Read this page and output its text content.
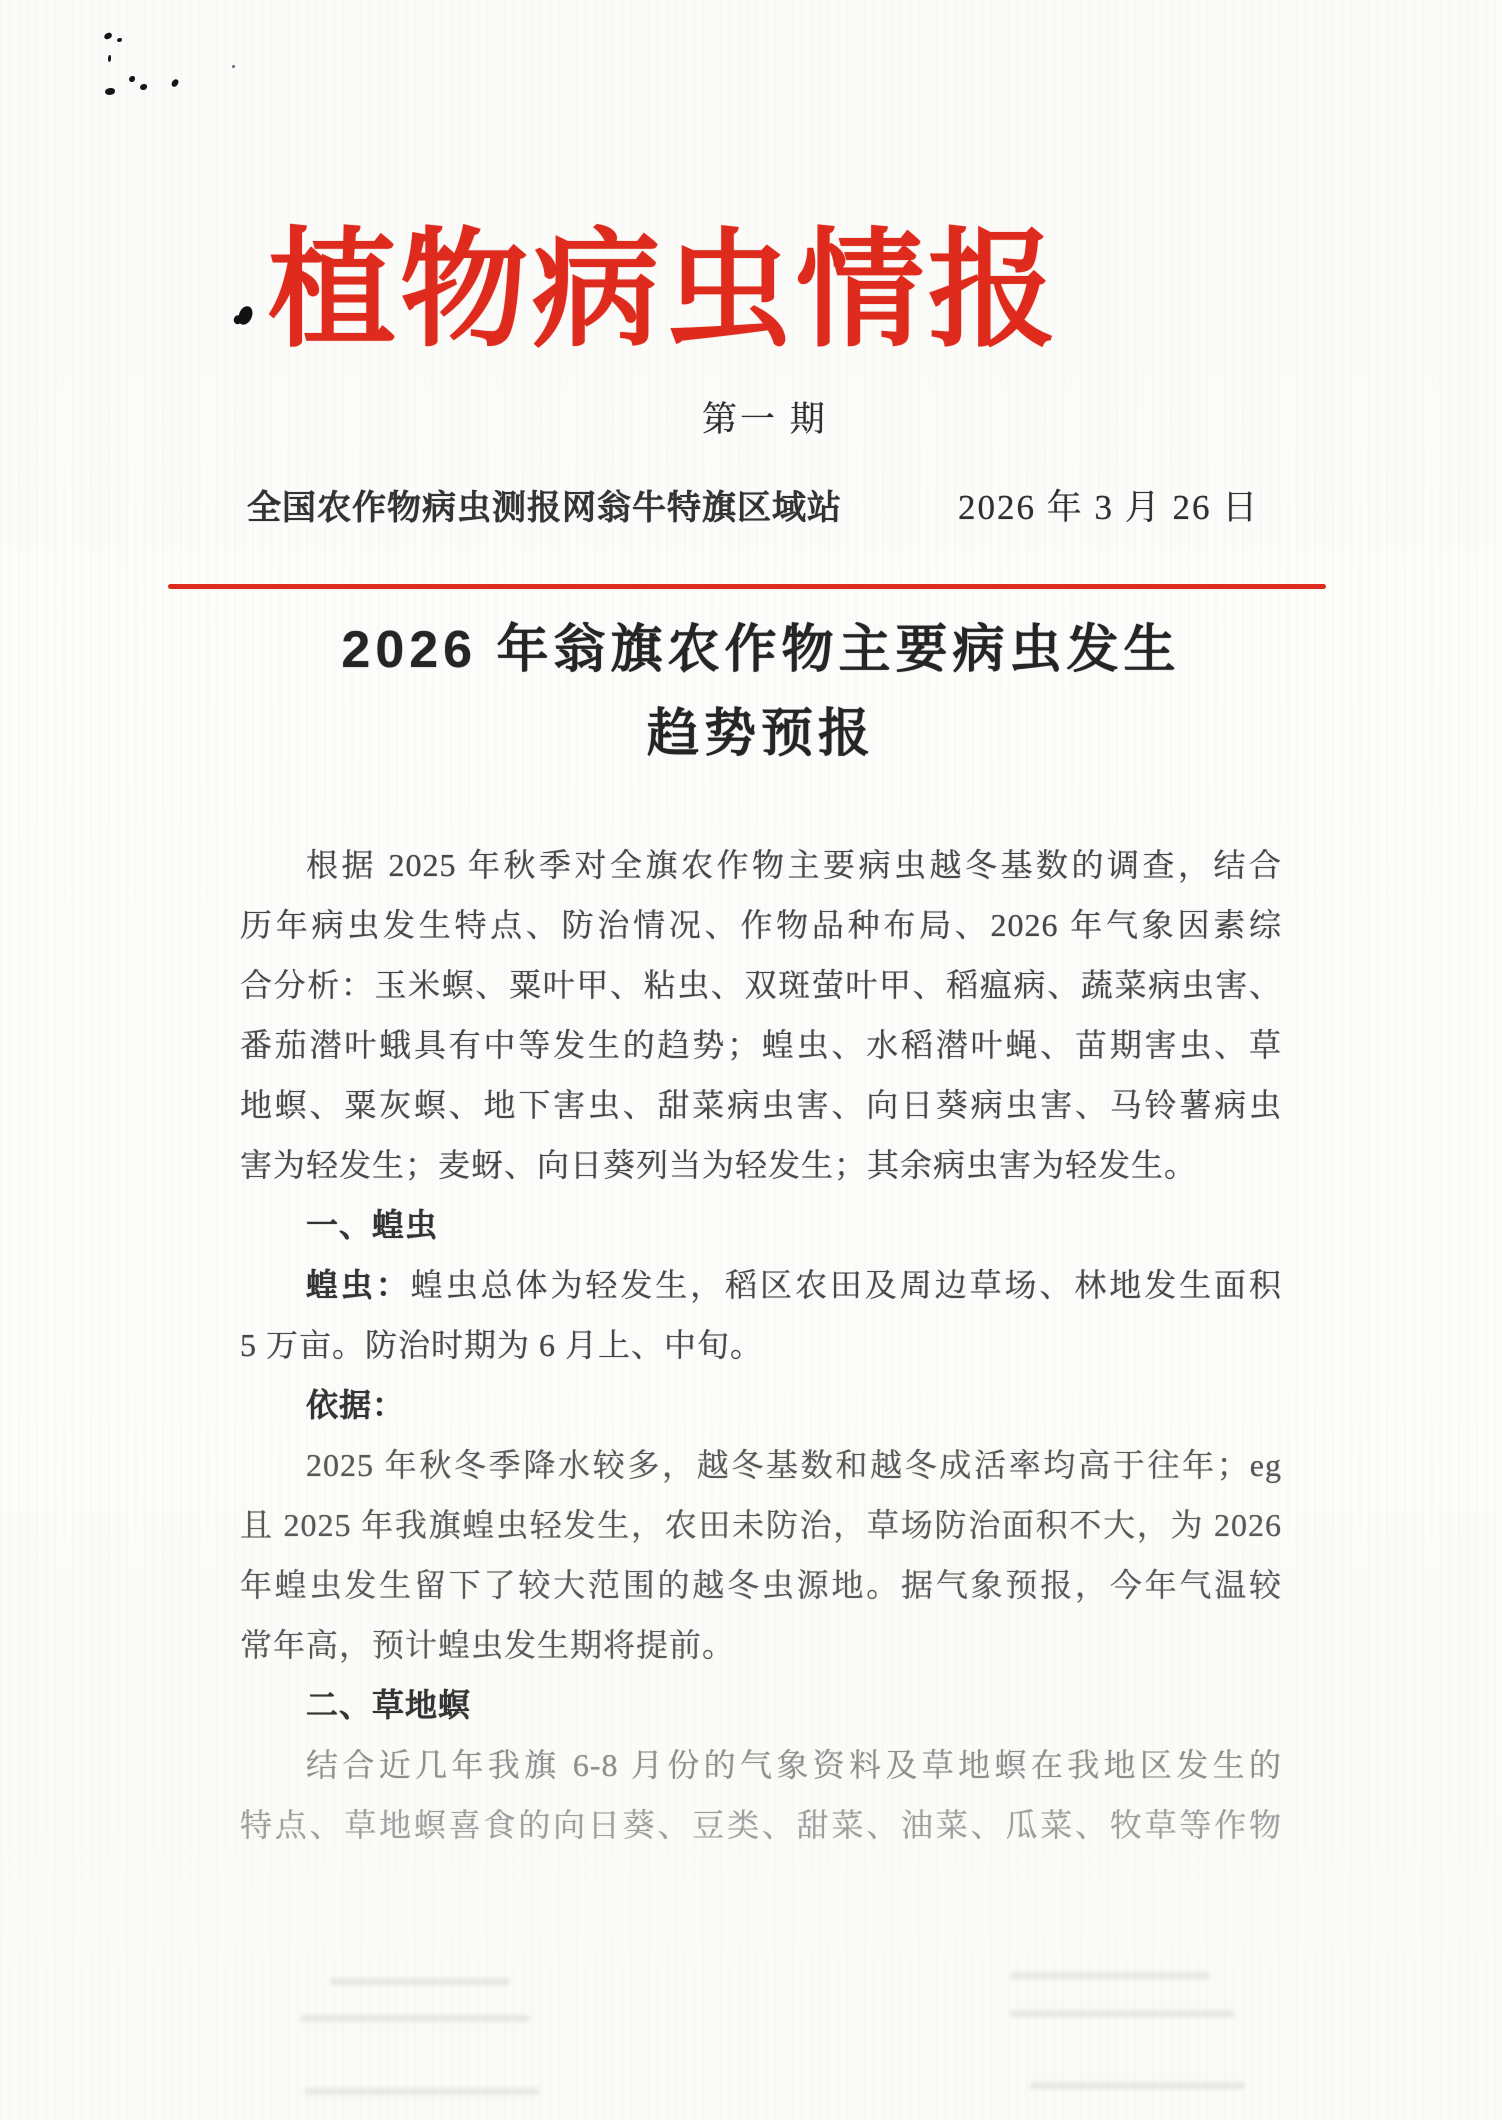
植物病虫情报
第一 期
全国农作物病虫测报网翁牛特旗区域站	2026 年 3 月 26 日
2026 年翁旗农作物主要病虫发生
趋势预报
根据 2025 年秋季对全旗农作物主要病虫越冬基数的调查，结合
历年病虫发生特点、防治情况、作物品种布局、2026 年气象因素综
合分析：玉米螟、粟叶甲、粘虫、双斑萤叶甲、稻瘟病、蔬菜病虫害、
番茄潜叶蛾具有中等发生的趋势；蝗虫、水稻潜叶蝇、苗期害虫、草
地螟、粟灰螟、地下害虫、甜菜病虫害、向日葵病虫害、马铃薯病虫
害为轻发生；麦蚜、向日葵列当为轻发生；其余病虫害为轻发生。
一、蝗虫
蝗虫：蝗虫总体为轻发生，稻区农田及周边草场、林地发生面积
5 万亩。防治时期为 6 月上、中旬。
依据：
2025 年秋冬季降水较多，越冬基数和越冬成活率均高于往年；eg
且 2025 年我旗蝗虫轻发生，农田未防治，草场防治面积不大，为 2026
年蝗虫发生留下了较大范围的越冬虫源地。据气象预报，今年气温较
常年高，预计蝗虫发生期将提前。
二、草地螟
结合近几年我旗 6-8 月份的气象资料及草地螟在我地区发生的
特点、草地螟喜食的向日葵、豆类、甜菜、油菜、瓜菜、牧草等作物
